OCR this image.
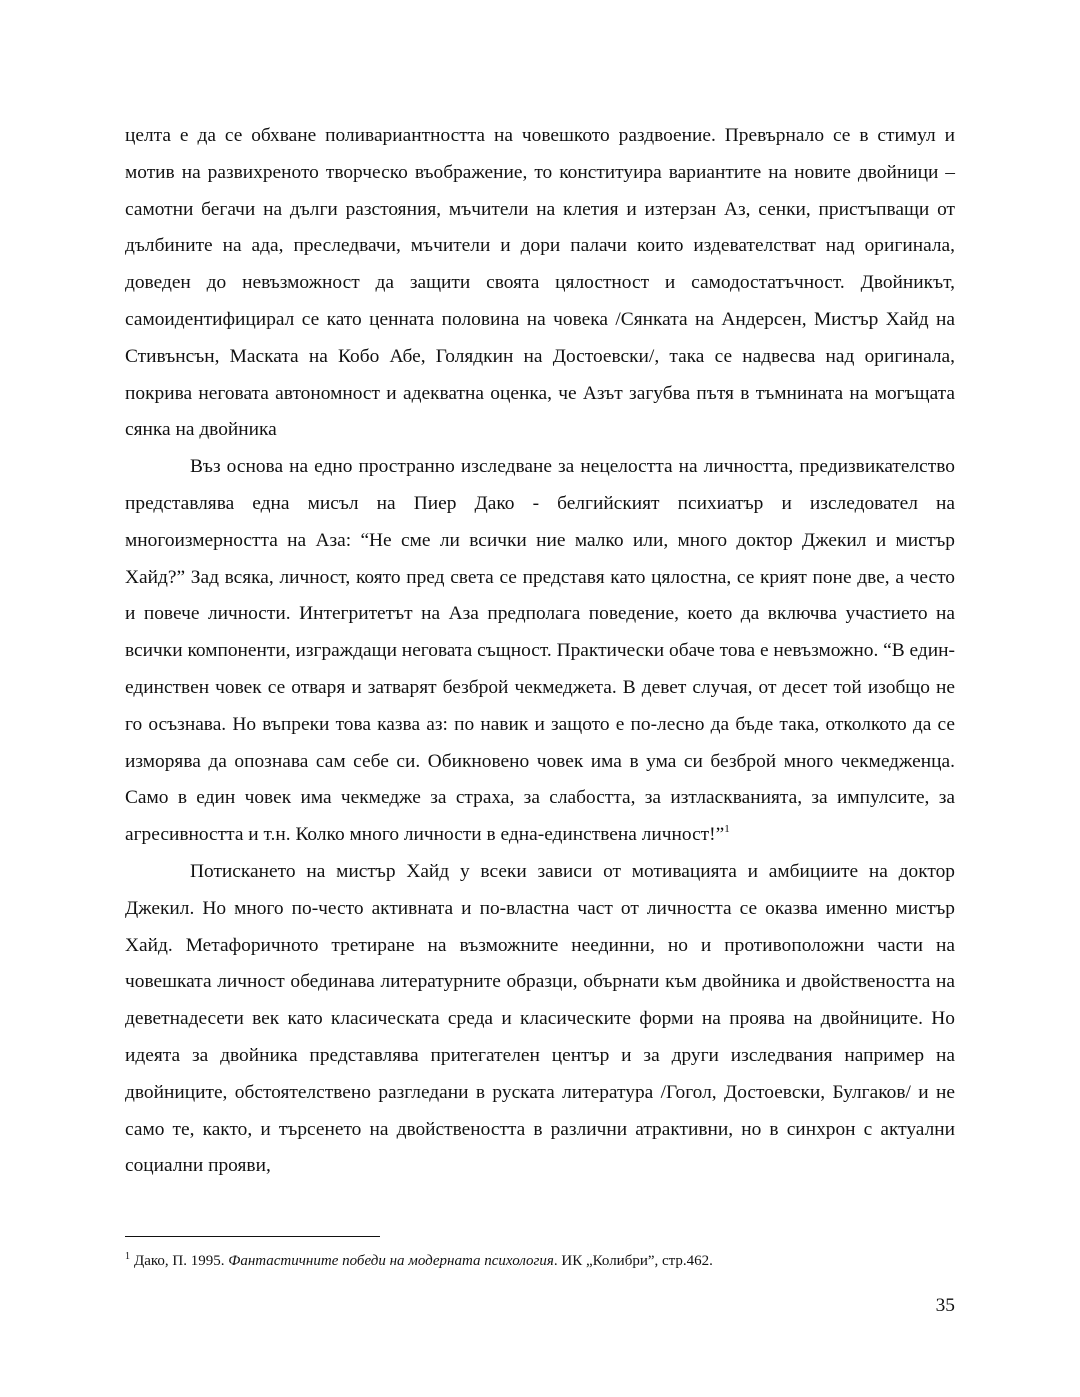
целта е да се обхване поливариантността на човешкото раздвоение. Превърнало се в стимул и мотив на развихреното творческо въображение, то конституира вариантите на новите двойници – самотни бегачи на дълги разстояния, мъчители на клетия и изтерзан Аз, сенки, пристъпващи от дълбините на ада, преследвачи, мъчители и дори палачи които издевателстват над оригинала, доведен до невъзможност да защити своята цялостност и самодостатъчност. Двойникът, самоидентифицирал се като ценната половина на човека /Сянката на Андерсен, Мистър Хайд на Стивънсън, Маската на Кобо Абе, Голядкин на Достоевски/, така се надвесва над оригинала, покрива неговата автономност и адекватна оценка, че Азът загубва пътя в тъмнината на могъщата сянка на двойника

Въз основа на едно пространно изследване за нецелостта на личността, предизвикателство представлява една мисъл на Пиер Дако - белгийският психиатър и изследовател на многоизмерността на Аза: “Не сме ли всички ние малко или, много доктор Джекил и мистър Хайд?” Зад всяка, личност, която пред света се представя като цялостна, се крият поне две, а често и повече личности. Интегритетът на Аза предполага поведение, което да включва участието на всички компоненти, изграждащи неговата същност. Практически обаче това е невъзможно. “В един-единствен човек се отваря и затварят безброй чекмеджета. В девет случая, от десет той изобщо не го осъзнава. Но въпреки това казва аз: по навик и защото е по-лесно да бъде така, отколкото да се изморява да опознава сам себе си. Обикновено човек има в ума си безброй много чекмедженца. Само в един човек има чекмедже за страха, за слабостта, за изтласкванията, за импулсите, за агресивността и т.н. Колко много личности в една-единствена личност!”$^1$

Потискането на мистър Хайд у всеки зависи от мотивацията и амбициите на доктор Джекил. Но много по-често активната и по-властна част от личността се оказва именно мистър Хайд. Метафоричното третиране на възможните неединни, но и противоположни части на човешката личност обединава литературните образци, обърнати към двойника и двойствеността на деветнадесети век като класическата среда и класическите форми на проява на двойниците. Но идеята за двойника представлява притегателен център и за други изследвания например на двойниците, обстоятелствено разгледани в руската литература /Гогол, Достоевски, Булгаков/ и не само те, както, и търсенето на двойствеността в различни атрактивни, но в синхрон с актуални социални прояви,

$^1$ Дако, П. 1995. Фантастичните победи на модерната психология. ИК „Колибри”, стр.462.
35
